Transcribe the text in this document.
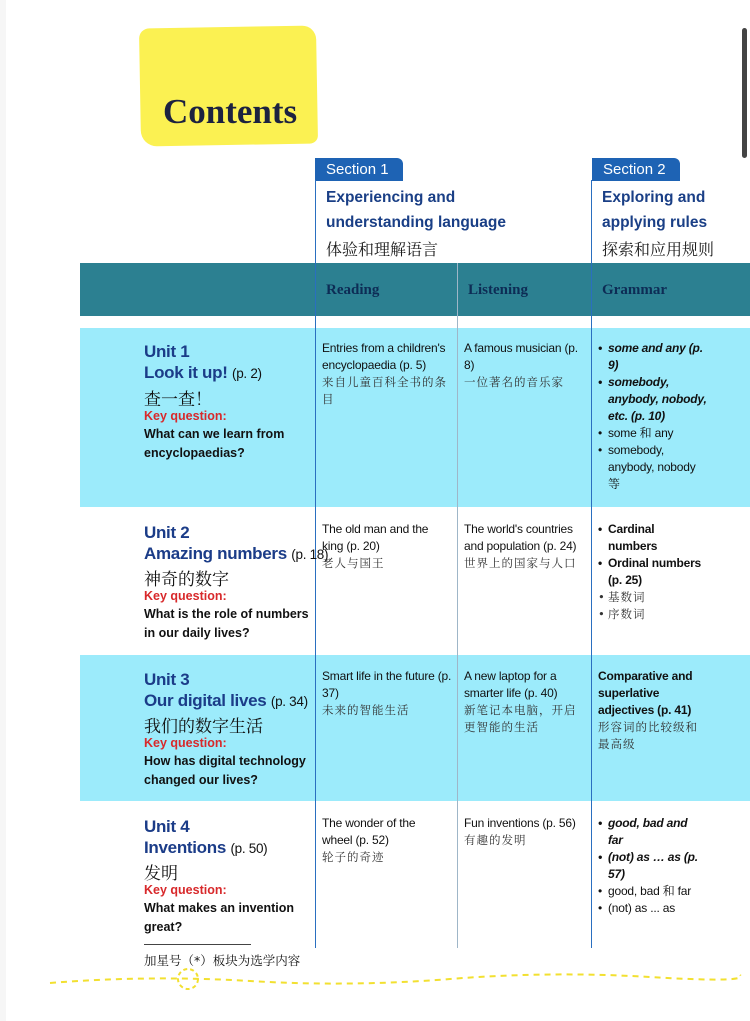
Contents
Section 1
Experiencing and
understanding language
体验和理解语言
Section 2
Exploring and
applying rules
探索和应用规则
Reading	Listening	Grammar
Unit 1
Look it up! (p. 2)
查一查！
Key question:
What can we learn from encyclopaedias?
Entries from a children's encyclopaedia (p. 5)
来自儿童百科全书的条目
A famous musician (p. 8)
一位著名的音乐家
• some and any (p. 9)
• somebody, anybody, nobody, etc. (p. 10)
• some 和 any
• somebody, anybody, nobody 等
Unit 2
Amazing numbers (p. 18)
神奇的数字
Key question:
What is the role of numbers in our daily lives?
The old man and the king (p. 20)
老人与国王
The world's countries and population (p. 24)
世界上的国家与人口
• Cardinal numbers
• Ordinal numbers (p. 25)
• 基数词
• 序数词
Unit 3
Our digital lives (p. 34)
我们的数字生活
Key question:
How has digital technology changed our lives?
Smart life in the future (p. 37)
未来的智能生活
A new laptop for a smarter life (p. 40)
新笔记本电脑，开启更智能的生活
Comparative and superlative adjectives (p. 41)
形容词的比较级和最高级
Unit 4
Inventions (p. 50)
发明
Key question:
What makes an invention great?
The wonder of the wheel (p. 52)
轮子的奇迹
Fun inventions (p. 56)
有趣的发明
• good, bad and far
• (not) as … as (p. 57)
• good, bad 和 far
• (not) as ... as
加星号（*）板块为选学内容
